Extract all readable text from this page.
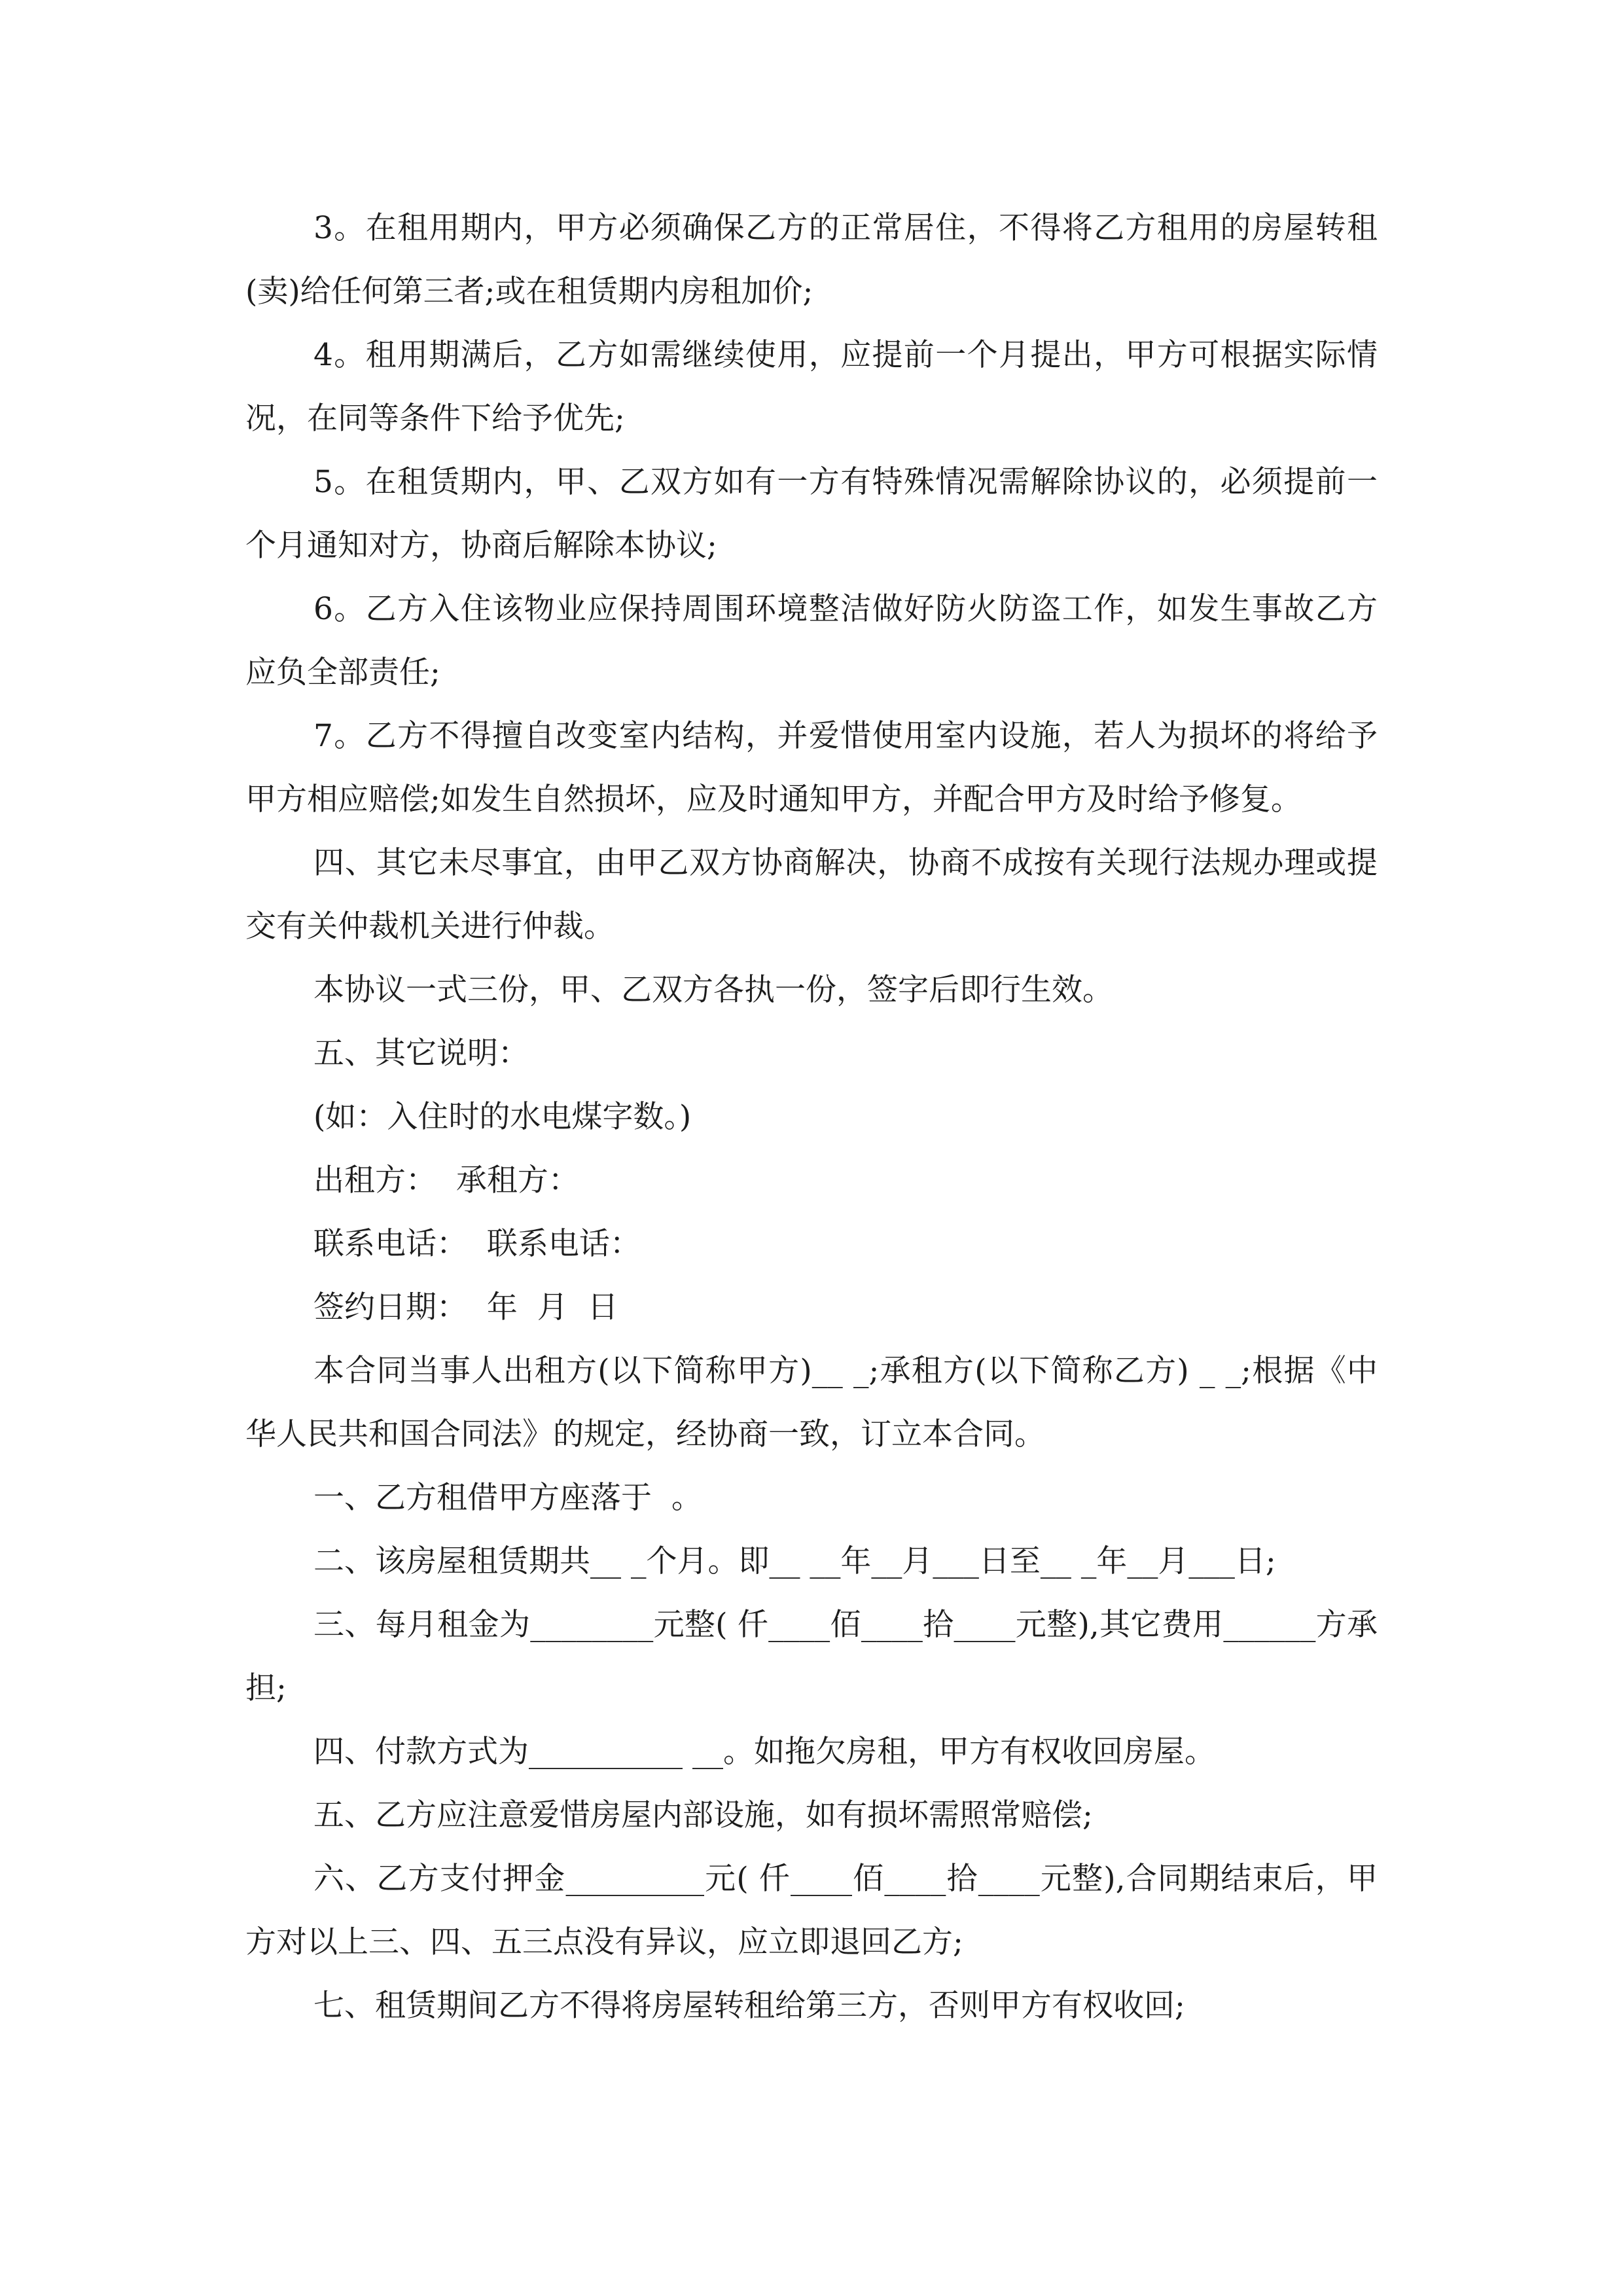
3。在租用期内，甲方必须确保乙方的正常居住，不得将乙方租用的房屋转租(卖)给任何第三者;或在租赁期内房租加价;

4。租用期满后，乙方如需继续使用，应提前一个月提出，甲方可根据实际情况，在同等条件下给予优先;

5。在租赁期内，甲、乙双方如有一方有特殊情况需解除协议的，必须提前一个月通知对方，协商后解除本协议;

6。乙方入住该物业应保持周围环境整洁做好防火防盗工作，如发生事故乙方应负全部责任;

7。乙方不得擅自改变室内结构，并爱惜使用室内设施，若人为损坏的将给予甲方相应赔偿;如发生自然损坏，应及时通知甲方，并配合甲方及时给予修复。

四、其它未尽事宜，由甲乙双方协商解决，协商不成按有关现行法规办理或提交有关仲裁机关进行仲裁。

本协议一式三份，甲、乙双方各执一份，签字后即行生效。

五、其它说明：

(如：入住时的水电煤字数。)

出租方：  承租方：

联系电话：  联系电话：

签约日期：  年  月  日

本合同当事人出租方(以下简称甲方)__ _;承租方(以下简称乙方) _ _;根据《中华人民共和国合同法》的规定，经协商一致，订立本合同。

一、乙方租借甲方座落于  。

二、该房屋租赁期共__ _个月。即__ __年__月___日至__ _年__月___日;

三、每月租金为________元整( 仟____佰____拾____元整),其它费用______方承担;

四、付款方式为__________ __。如拖欠房租，甲方有权收回房屋。

五、乙方应注意爱惜房屋内部设施，如有损坏需照常赔偿;

六、乙方支付押金_________元( 仟____佰____拾____元整),合同期结束后，甲方对以上三、四、五三点没有异议，应立即退回乙方;

七、租赁期间乙方不得将房屋转租给第三方，否则甲方有权收回;
